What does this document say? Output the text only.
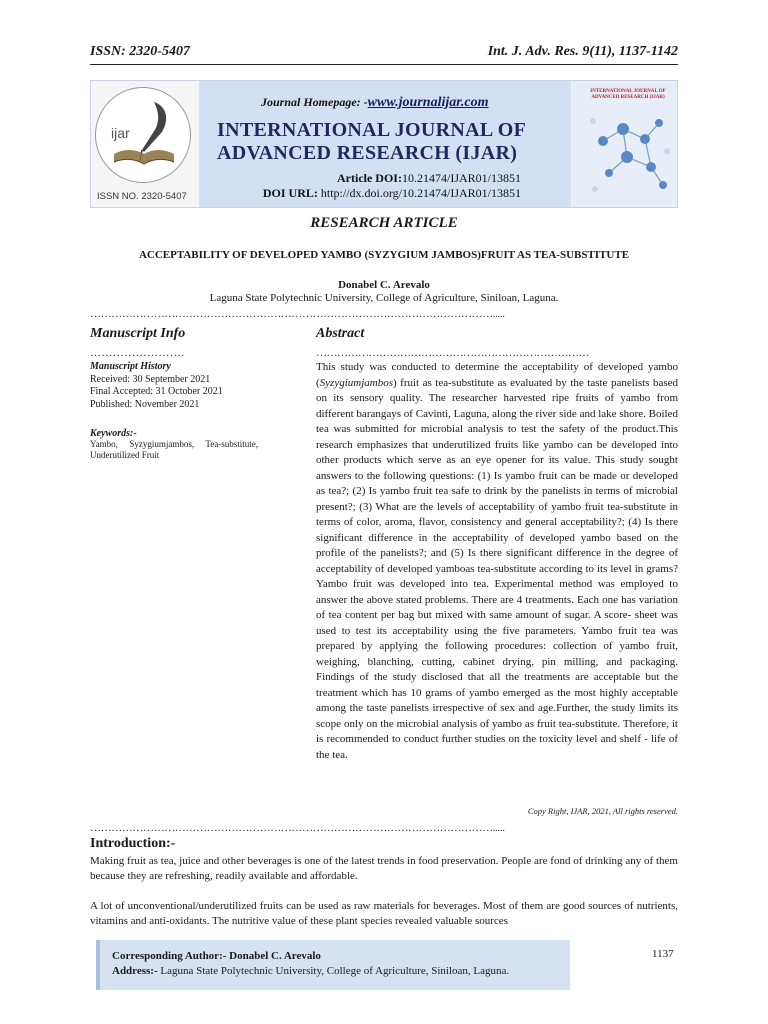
ISSN: 2320-5407	Int. J. Adv. Res. 9(11), 1137-1142
ijar
ISSN NO. 2320-5407
Journal Homepage: -www.journalijar.com
INTERNATIONAL JOURNAL OF ADVANCED RESEARCH (IJAR)
Article DOI:10.21474/IJAR01/13851
DOI URL: http://dx.doi.org/10.21474/IJAR01/13851
INTERNATIONAL JOURNAL OF ADVANCED RESEARCH (IJAR)
RESEARCH ARTICLE
ACCEPTABILITY OF DEVELOPED YAMBO (SYZYGIUM JAMBOS)FRUIT AS TEA-SUBSTITUTE
Donabel C. Arevalo
Laguna State Polytechnic University, College of Agriculture, Siniloan, Laguna.
…………………………………………………………………………………………………….....
Manuscript Info	Abstract
…………………….	……………………………………………………………………
Manuscript History
Received: 30 September 2021
Final Accepted: 31 October 2021
Published: November 2021
Keywords:-
Yambo, Syzygiumjambos, Tea-substitute, Underutilized Fruit
This study was conducted to determine the acceptability of developed yambo (Syzygiumjambos) fruit as tea-substitute as evaluated by the taste panelists based on its sensory quality. The researcher harvested ripe fruits of yambo from different barangays of Cavinti, Laguna, along the river side and lake shore. Boiled tea was submitted for microbial analysis to test the safety of the product.This research emphasizes that underutilized fruits like yambo can be developed into other products which serve as an eye opener for its value. This study sought answers to the following questions: (1) Is yambo fruit can be made or developed as tea?; (2) Is yambo fruit tea safe to drink by the panelists in terms of microbial present?; (3) What are the levels of acceptability of yambo fruit tea-substitute in terms of color, aroma, flavor, consistency and general acceptability?; (4) Is there significant difference in the acceptability of developed yambo based on the profile of the panelists?; and (5) Is there significant difference in the degree of acceptability of developed yamboas tea-substitute according to its level in grams?Yambo fruit was developed into tea. Experimental method was employed to answer the above stated problems. There are 4 treatments. Each one has variation of tea content per bag but mixed with same amount of sugar. A score- sheet was used to test its acceptability using the five parameters. Yambo fruit tea was prepared by applying the following procedures: collection of yambo fruit, weighing, blanching, cutting, cabinet drying, pin milling, and packaging. Findings of the study disclosed that all the treatments are acceptable but the treatment which has 10 grams of yambo emerged as the most highly acceptable among the taste panelists irrespective of sex and age.Further, the study limits its scope only on the microbial analysis of yambo as fruit tea-substitute. Therefore, it is recommended to conduct further studies on the toxicity level and shelf - life of the tea.
Copy Right, IJAR, 2021, All rights reserved.
…………………………………………………………………………………………………….....
Introduction:-
Making fruit as tea, juice and other beverages is one of the latest trends in food preservation. People are fond of drinking any of them because they are refreshing, readily available and affordable.
A lot of unconventional/underutilized fruits can be used as raw materials for beverages. Most of them are good sources of nutrients, vitamins and anti-oxidants. The nutritive value of these plant species revealed valuable sources
Corresponding Author:- Donabel C. Arevalo
Address:- Laguna State Polytechnic University, College of Agriculture, Siniloan, Laguna.
1137
